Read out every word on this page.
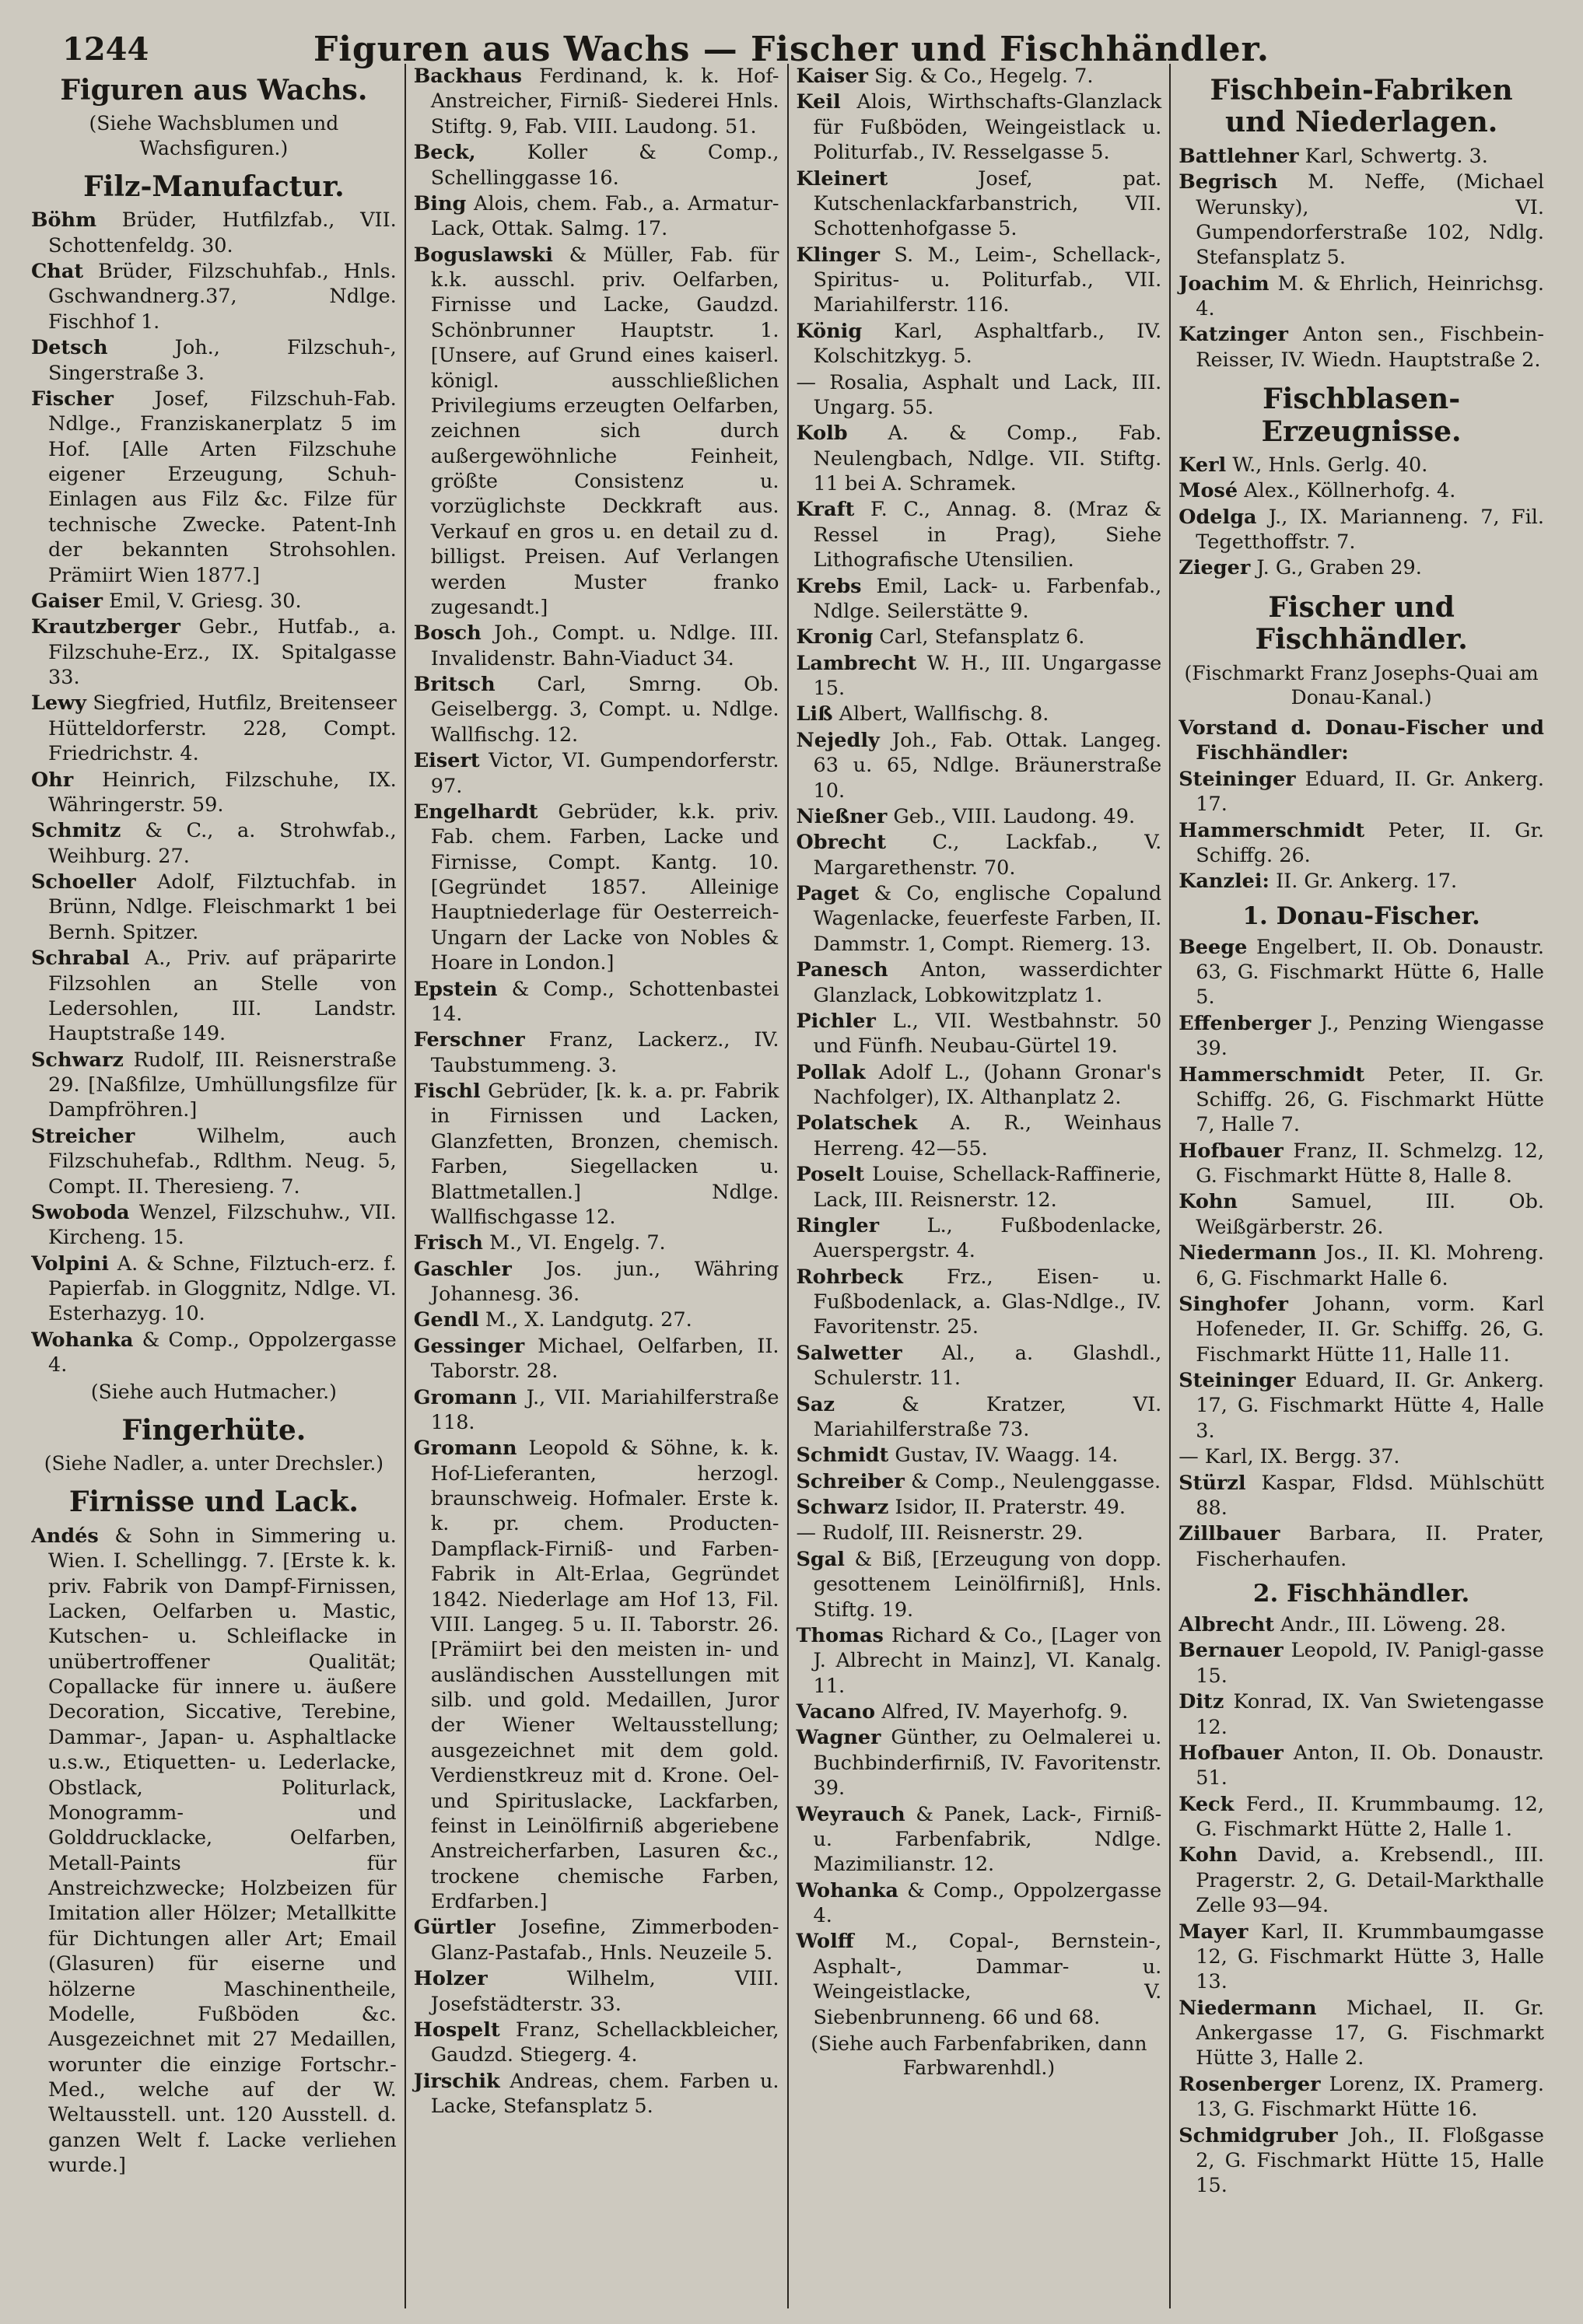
1244	Figuren aus Wachs — Fischer und Fischhändler.
Figuren aus Wachs.
(Siehe Wachsblumen und Wachsfiguren.)
Filz-Manufactur.
Böhm Brüder, Hutfilzfab., VII. Schottenfeldg. 30.
Chat Brüder, Filzschuhfab., Hnls. Gschwandnerg.37, Ndlge. Fischhof 1.
Detsch	Joh., Filzschuh-, Singerstraße 3.
Fischer Josef, Filzschuh-Fab. Ndlge., Franziskanerplatz 5 im Hof. [Alle Arten Filzschuhe eigener Erzeugung, Schuh-Einlagen aus Filz &c. Filze für technische Zwecke. Patent-Inh der bekannten Strohsohlen. Prämiirt Wien 1877.]
Gaiser Emil, V. Griesg. 30.
Krautzberger Gebr., Hutfab., a. Filzschuhe-Erz., IX. Spitalgasse 33.
Lewy Siegfried, Hutfilz, Breitenseer Hütteldorferstr. 228, Compt. Friedrichstr. 4.
Ohr Heinrich, Filzschuhe, IX. Währingerstr. 59.
Schmitz & C., a. Strohwfab., Weihburg. 27.
Schoeller Adolf, Filztuchfab. in Brünn, Ndlge. Fleischmarkt 1 bei Bernh. Spitzer.
Schrabal A., Priv. auf präparirte Filzsohlen an Stelle von Ledersohlen, III. Landstr. Hauptstraße 149.
Schwarz Rudolf, III. Reisnerstraße 29. [Naßfilze, Umhüllungsfilze für Dampfröhren.]
Streicher	Wilhelm, auch Filzschuhefab., Rdlthm. Neug. 5, Compt. II. Theresieng. 7.
Swoboda Wenzel, Filzschuhw., VII. Kircheng. 15.
Volpini A. & Schne, Filztuch-erz. f. Papierfab. in Gloggnitz, Ndlge. VI. Esterhazyg. 10.
Wohanka & Comp., Oppolzergasse 4.
(Siehe auch Hutmacher.)
Fingerhüte.
(Siehe Nadler, a. unter Drechsler.)
Firnisse und Lack.
Andés & Sohn in Simmering u. Wien. I. Schellingg. 7. [Erste k. k. priv. Fabrik von Dampf-Firnissen, Lacken, Oelfarben u. Mastic, Kutschen- u. Schleiflacke in unübertroffener Qualität; Copallacke für innere u. äußere Decoration, Siccative, Terebine, Dammar-, Japan- u. Asphaltlacke u.s.w., Etiquetten- u. Lederlacke, Obstlack, Politurlack, Monogramm- und Golddrucklacke, Oelfarben, Metall-Paints für Anstreichzwecke; Holzbeizen für Imitation aller Hölzer; Metallkitte für Dichtungen aller Art; Email (Glasuren) für eiserne und hölzerne Maschinentheile, Modelle, Fußböden &c. Ausgezeichnet mit 27 Medaillen, worunter die einzige Fortschr.-Med., welche auf der W. Weltausstell. unt. 120 Ausstell. d. ganzen Welt f. Lacke verliehen wurde.]
Backhaus Ferdinand, k. k. Hof-Anstreicher, Firniß- Siederei Hnls. Stiftg. 9, Fab. VIII. Laudong. 51.
Beck,	Koller & Comp., Schellinggasse 16.
Bing Alois, chem. Fab., a. Armatur-Lack, Ottak. Salmg. 17.
Boguslawski & Müller, Fab. für k.k. ausschl. priv. Oelfarben, Firnisse und Lacke, Gaudzd. Schönbrunner Hauptstr. 1. [Unsere, auf Grund eines kaiserl. königl. ausschließlichen Privilegiums erzeugten Oelfarben, zeichnen sich durch außergewöhnliche Feinheit, größte Consistenz u. vorzüglichste Deckkraft aus. Verkauf en gros u. en detail zu d. billigst. Preisen. Auf Verlangen werden Muster franko zugesandt.]
Bosch Joh., Compt. u. Ndlge. III. Invalidenstr. Bahn-Viaduct 34.
Britsch Carl, Smrng. Ob. Geiselbergg. 3, Compt. u. Ndlge. Wallfischg. 12.
Eisert Victor, VI. Gumpendorferstr. 97.
Engelhardt Gebrüder, k.k. priv. Fab. chem. Farben, Lacke und Firnisse, Compt. Kantg. 10. [Gegründet 1857. Alleinige Hauptniederlage für Oesterreich-Ungarn der Lacke von Nobles & Hoare in London.]
Epstein & Comp., Schottenbastei 14.
Ferschner Franz, Lackerz., IV. Taubstummeng. 3.
Fischl Gebrüder, [k. k. a. pr. Fabrik in Firnissen und Lacken, Glanzfetten, Bronzen, chemisch. Farben, Siegellacken u. Blattmetallen.] Ndlge. Wallfischgasse 12.
Frisch M., VI. Engelg. 7.
Gaschler Jos. jun., Währing Johannesg. 36.
Gendl M., X. Landgutg. 27.
Gessinger Michael, Oelfarben, II. Taborstr. 28.
Gromann J., VII. Mariahilferstraße 118.
Gromann Leopold & Söhne, k. k. Hof-Lieferanten, herzogl. braunschweig. Hofmaler. Erste k. k. pr. chem. Producten-Dampflack-Firniß- und Farben-Fabrik in Alt-Erlaa, Gegründet 1842. Niederlage am Hof 13, Fil. VIII. Langeg. 5 u. II. Taborstr. 26. [Prämiirt bei den meisten in- und ausländischen Ausstellungen mit silb. und gold. Medaillen, Juror der Wiener Weltausstellung; ausgezeichnet mit dem gold. Verdienstkreuz mit d. Krone. Oel- und Spirituslacke, Lackfarben, feinst in Leinölfirniß abgeriebene Anstreicherfarben, Lasuren &c., trockene chemische Farben, Erdfarben.]
Gürtler Josefine, Zimmerboden-Glanz-Pastafab., Hnls. Neuzeile 5.
Holzer	Wilhelm, VIII. Josefstädterstr. 33.
Hospelt Franz, Schellackbleicher, Gaudzd. Stiegerg. 4.
Jirschik Andreas, chem. Farben u. Lacke, Stefansplatz 5.
Kaiser Sig. & Co., Hegelg. 7.
Keil Alois, Wirthschafts-Glanzlack für Fußböden, Weingeistlack u. Politurfab., IV. Resselgasse 5.
Kleinert	Josef, pat. Kutschenlackfarbanstrich, VII. Schottenhofgasse 5.
Klinger S. M., Leim-, Schellack-, Spiritus- u. Politurfab., VII. Mariahilferstr. 116.
König Karl, Asphaltfarb., IV. Kolschitzkyg. 5.
— Rosalia, Asphalt und Lack, III. Ungarg. 55.
Kolb A. & Comp., Fab. Neulengbach, Ndlge. VII. Stiftg. 11 bei A. Schramek.
Kraft F. C., Annag. 8. (Mraz & Ressel in Prag), Siehe Lithografische Utensilien.
Krebs Emil, Lack- u. Farbenfab., Ndlge. Seilerstätte 9.
Kronig Carl, Stefansplatz 6.
Lambrecht W. H., III. Ungargasse 15.
Liß Albert, Wallfischg. 8.
Nejedly Joh., Fab. Ottak. Langeg. 63 u. 65, Ndlge. Bräunerstraße 10.
Nießner Geb., VIII. Laudong. 49.
Obrecht C., Lackfab., V. Margarethenstr. 70.
Paget & Co, englische Copalund Wagenlacke, feuerfeste Farben, II. Dammstr. 1, Compt. Riemerg. 13.
Panesch Anton, wasserdichter Glanzlack, Lobkowitzplatz 1.
Pichler L., VII. Westbahnstr. 50 und Fünfh. Neubau-Gürtel 19.
Pollak Adolf L., (Johann Gronar's Nachfolger), IX. Althanplatz 2.
Polatschek A. R., Weinhaus Herreng. 42—55.
Poselt Louise, Schellack-Raffinerie, Lack, III. Reisnerstr. 12.
Ringler L., Fußbodenlacke, Auerspergstr. 4.
Rohrbeck Frz., Eisen- u. Fußbodenlack, a. Glas-Ndlge., IV. Favoritenstr. 25.
Salwetter Al., a. Glashdl., Schulerstr. 11.
Saz	& Kratzer, VI. Mariahilferstraße 73.
Schmidt Gustav, IV. Waagg. 14.
Schreiber & Comp., Neulenggasse.
Schwarz Isidor, II. Praterstr. 49.
— Rudolf, III. Reisnerstr. 29.
Sgal & Biß, [Erzeugung von dopp. gesottenem Leinölfirniß], Hnls. Stiftg. 19.
Thomas Richard & Co., [Lager von J. Albrecht in Mainz], VI. Kanalg. 11.
Vacano Alfred, IV. Mayerhofg. 9.
Wagner Günther, zu Oelmalerei u. Buchbinderfirniß, IV. Favoritenstr. 39.
Weyrauch & Panek, Lack-, Firniß- u. Farbenfabrik, Ndlge. Mazimilianstr. 12.
Wohanka & Comp., Oppolzergasse 4.
Wolff M., Copal-, Bernstein-, Asphalt-, Dammar- u. Weingeistlacke, V. Siebenbrunneng. 66 und 68.
(Siehe auch Farbenfabriken, dann Farbwarenhdl.)
Fischbein-Fabriken und Niederlagen.
Battlehner Karl, Schwertg. 3.
Begrisch M. Neffe, (Michael Werunsky), VI. Gumpendorferstraße 102, Ndlg. Stefansplatz 5.
Joachim M. & Ehrlich, Heinrichsg. 4.
Katzinger Anton sen., Fischbein-Reisser, IV. Wiedn. Hauptstraße 2.
Fischblasen-Erzeugnisse.
Kerl W., Hnls. Gerlg. 40.
Mosé Alex., Köllnerhofg. 4.
Odelga J., IX. Marianneng. 7, Fil. Tegetthoffstr. 7.
Zieger J. G., Graben 29.
Fischer und Fischhändler.
(Fischmarkt Franz Josephs-Quai am Donau-Kanal.)
Vorstand d. Donau-Fischer und Fischhändler:
Steininger Eduard, II. Gr. Ankerg. 17.
Hammerschmidt Peter, II. Gr. Schiffg. 26.
Kanzlei: II. Gr. Ankerg. 17.
1. Donau-Fischer.
Beege Engelbert, II. Ob. Donaustr. 63, G. Fischmarkt Hütte 6, Halle 5.
Effenberger J., Penzing Wiengasse 39.
Hammerschmidt Peter, II. Gr. Schiffg. 26, G. Fischmarkt Hütte 7, Halle 7.
Hofbauer Franz, II. Schmelzg. 12, G. Fischmarkt Hütte 8, Halle 8.
Kohn	Samuel, III. Ob. Weißgärberstr. 26.
Niedermann Jos., II. Kl. Mohreng. 6, G. Fischmarkt Halle 6.
Singhofer Johann, vorm. Karl Hofeneder, II. Gr. Schiffg. 26, G. Fischmarkt Hütte 11, Halle 11.
Steininger Eduard, II. Gr. Ankerg. 17, G. Fischmarkt Hütte 4, Halle 3.
— Karl, IX. Bergg. 37.
Stürzl Kaspar, Fldsd. Mühlschütt 88.
Zillbauer Barbara, II. Prater, Fischerhaufen.
2. Fischhändler.
Albrecht Andr., III. Löweng. 28.
Bernauer Leopold, IV. Panigl-gasse 15.
Ditz Konrad, IX. Van Swietengasse 12.
Hofbauer Anton, II. Ob. Donaustr. 51.
Keck Ferd., II. Krummbaumg. 12, G. Fischmarkt Hütte 2, Halle 1.
Kohn David, a. Krebsendl., III. Pragerstr. 2, G. Detail-Markthalle Zelle 93—94.
Mayer Karl, II. Krummbaumgasse 12, G. Fischmarkt Hütte 3, Halle 13.
Niedermann Michael, II. Gr. Ankergasse 17, G. Fischmarkt Hütte 3, Halle 2.
Rosenberger Lorenz, IX. Pramerg. 13, G. Fischmarkt Hütte 16.
Schmidgruber Joh., II. Floßgasse 2, G. Fischmarkt Hütte 15, Halle 15.
